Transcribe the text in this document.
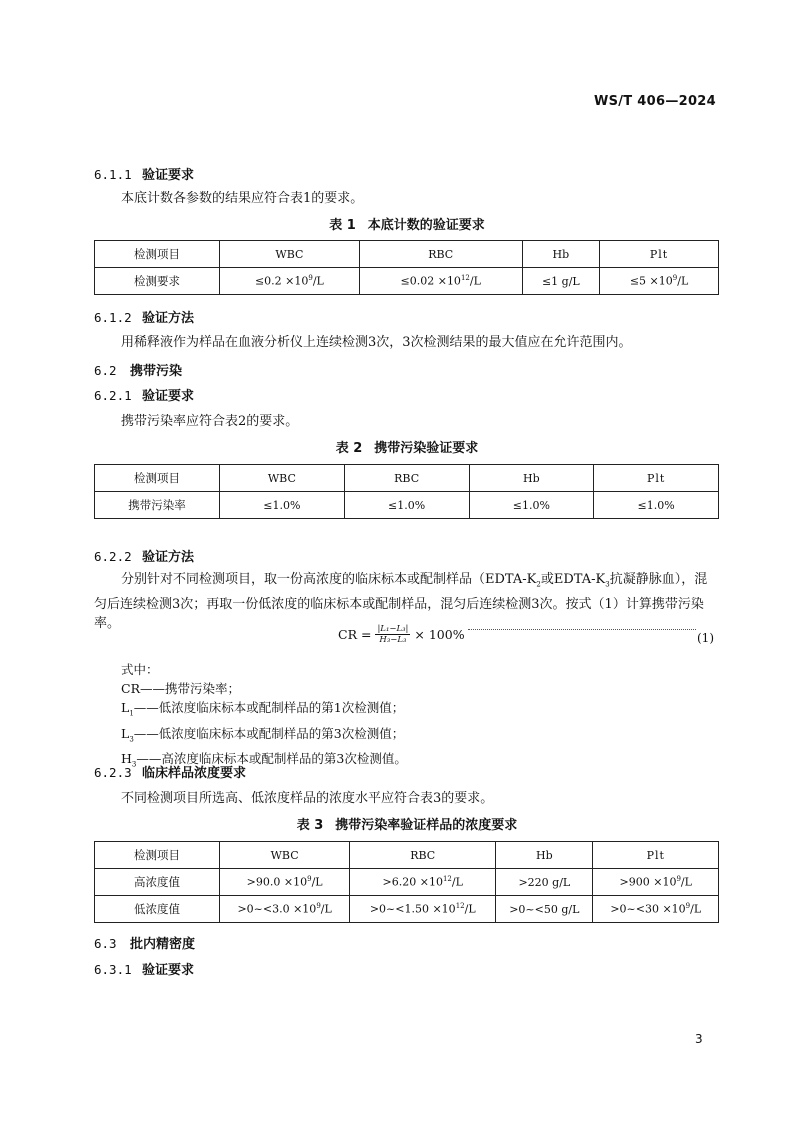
WS/T 406—2024
6.1.1 验证要求
本底计数各参数的结果应符合表1的要求。
表 1 本底计数的验证要求
检测项目	WBC	RBC	Hb	Plt
检测要求	$\le 0.2 \times 10^9/L$	$\le 0.02 \times 10^{12}/L$	≤1 g/L	$\le 5 \times 10^9/L$
6.1.2 验证方法
用稀释液作为样品在血液分析仪上连续检测3次，3次检测结果的最大值应在允许范围内。
6.2 携带污染
6.2.1 验证要求
携带污染率应符合表2的要求。
表 2 携带污染验证要求
检测项目	WBC	RBC	Hb	Plt
携带污染率	≤1.0%	≤1.0%	≤1.0%	≤1.0%
6.2.2 验证方法
分别针对不同检测项目，取一份高浓度的临床标本或配制样品（$EDTA-K_2$或EDTA-$K_3$抗凝静脉血），混匀后连续检测3次；再取一份低浓度的临床标本或配制样品，混匀后连续检测3次。按式（1）计算携带污染率。
CR = $\frac{\text{|L₁−L₃|}}{\text{H₃−L₃}} \times 100\%$	(1)
式中：
CR——携带污染率；
$L_1——$低浓度临床标本或配制样品的第1次检测值；
$L_3——$低浓度临床标本或配制样品的第3次检测值；
$H_3——$高浓度临床标本或配制样品的第3次检测值。
6.2.3 临床样品浓度要求
不同检测项目所选高、低浓度样品的浓度水平应符合表3的要求。
表 3 携带污染率验证样品的浓度要求
检测项目	WBC	RBC	Hb	Plt
高浓度值	$>90.0 \times 10^9/L$	$>6.20 \times 10^{12}/L$	>220 g/L	$>900 \times 10^9/L$
低浓度值	>0~<3.0 $\times 10^9/L$	>0~<1.50 $\times 10^{12}/L$	>0~<50 g/L	>0~<30 $\times 10^9/L$
6.3 批内精密度
6.3.1 验证要求
3
